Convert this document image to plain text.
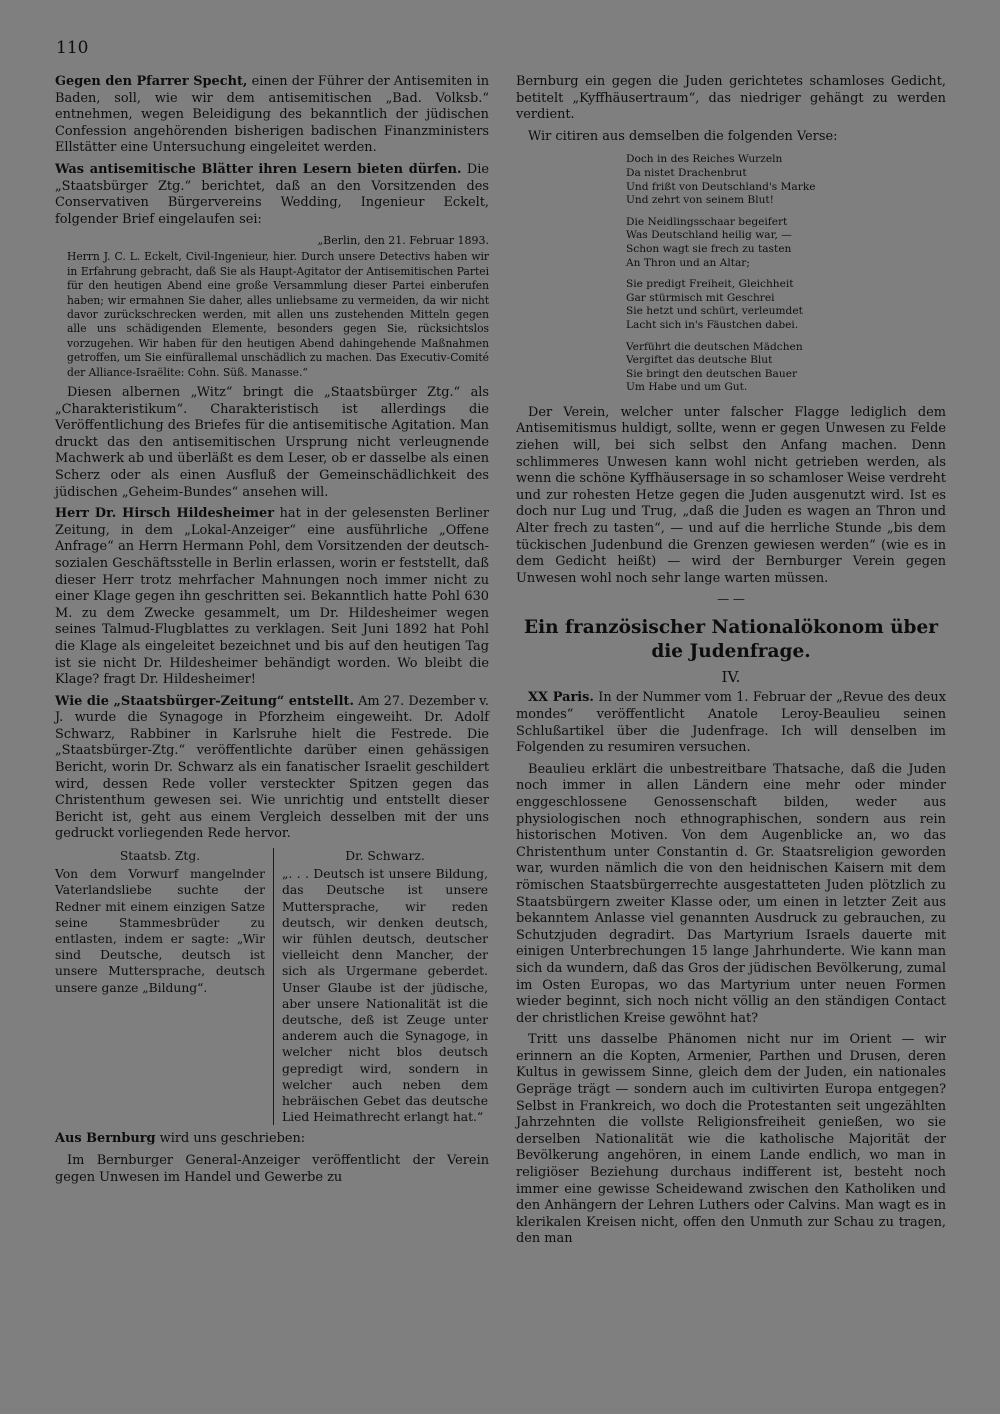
110

Gegen den Pfarrer Specht, einen der Führer der Antisemiten in Baden, soll, wie wir dem antisemitischen „Bad. Volksb.“ entnehmen, wegen Beleidigung des bekanntlich der jüdischen Confession angehörenden bisherigen badischen Finanzministers Ellstätter eine Untersuchung eingeleitet werden.

Was antisemitische Blätter ihren Lesern bieten dürfen. Die „Staatsbürger Ztg.“ berichtet, daß an den Vorsitzenden des Conservativen Bürgervereins Wedding, Ingenieur Eckelt, folgender Brief eingelaufen sei:

„Berlin, den 21. Februar 1893.

Herrn J. C. L. Eckelt, Civil-Ingenieur, hier. Durch unsere Detectivs haben wir in Erfahrung gebracht, daß Sie als Haupt-Agitator der Antisemitischen Partei für den heutigen Abend eine große Versammlung dieser Partei einberufen haben; wir ermahnen Sie daher, alles unliebsame zu vermeiden, da wir nicht davor zurückschrecken werden, mit allen uns zustehenden Mitteln gegen alle uns schädigenden Elemente, besonders gegen Sie, rücksichtslos vorzugehen. Wir haben für den heutigen Abend dahingehende Maßnahmen getroffen, um Sie einfürallemal unschädlich zu machen. Das Executiv-Comité der Alliance-Israëlite: Cohn. Süß. Manasse.“

Diesen albernen „Witz“ bringt die „Staatsbürger Ztg.“ als „Charakteristikum“. Charakteristisch ist allerdings die Veröffentlichung des Briefes für die antisemitische Agitation. Man druckt das den antisemitischen Ursprung nicht verleugnende Machwerk ab und überläßt es dem Leser, ob er dasselbe als einen Scherz oder als einen Ausfluß der Gemeinschädlichkeit des jüdischen „Geheim-Bundes“ ansehen will.

Herr Dr. Hirsch Hildesheimer hat in der gelesensten Berliner Zeitung, in dem „Lokal-Anzeiger“ eine ausführliche „Offene Anfrage“ an Herrn Hermann Pohl, dem Vorsitzenden der deutsch-sozialen Geschäftsstelle in Berlin erlassen, worin er feststellt, daß dieser Herr trotz mehrfacher Mahnungen noch immer nicht zu einer Klage gegen ihn geschritten sei. Bekanntlich hatte Pohl 630 M. zu dem Zwecke gesammelt, um Dr. Hildesheimer wegen seines Talmud-Flugblattes zu verklagen. Seit Juni 1892 hat Pohl die Klage als eingeleitet bezeichnet und bis auf den heutigen Tag ist sie nicht Dr. Hildesheimer behändigt worden. Wo bleibt die Klage? fragt Dr. Hildesheimer!

Wie die „Staatsbürger-Zeitung“ entstellt. Am 27. Dezember v. J. wurde die Synagoge in Pforzheim eingeweiht. Dr. Adolf Schwarz, Rabbiner in Karlsruhe hielt die Festrede. Die „Staatsbürger-Ztg.“ veröffentlichte darüber einen gehässigen Bericht, worin Dr. Schwarz als ein fanatischer Israelit geschildert wird, dessen Rede voller versteckter Spitzen gegen das Christenthum gewesen sei. Wie unrichtig und entstellt dieser Bericht ist, geht aus einem Vergleich desselben mit der uns gedruckt vorliegenden Rede hervor.

Staatsb. Ztg.
Von dem Vorwurf mangelnder Vaterlandsliebe suchte der Redner mit einem einzigen Satze seine Stammesbrüder zu entlasten, indem er sagte: „Wir sind Deutsche, deutsch ist unsere Muttersprache, deutsch unsere ganze „Bildung“.
Dr. Schwarz.
„. . . Deutsch ist unsere Bildung, das Deutsche ist unsere Muttersprache, wir reden deutsch, wir denken deutsch, wir fühlen deutsch, deutscher vielleicht denn Mancher, der sich als Urgermane geberdet. Unser Glaube ist der jüdische, aber unsere Nationalität ist die deutsche, deß ist Zeuge unter anderem auch die Synagoge, in welcher nicht blos deutsch gepredigt wird, sondern in welcher auch neben dem hebräischen Gebet das deutsche Lied Heimathrecht erlangt hat.“

Aus Bernburg wird uns geschrieben:

Im Bernburger General-Anzeiger veröffentlicht der Verein gegen Unwesen im Handel und Gewerbe zu

Bernburg ein gegen die Juden gerichtetes schamloses Gedicht, betitelt „Kyffhäusertraum“, das niedriger gehängt zu werden verdient.

Wir citiren aus demselben die folgenden Verse:

Doch in des Reiches Wurzeln
Da nistet Drachenbrut
Und frißt von Deutschland's Marke
Und zehrt von seinem Blut!
Die Neidlingsschaar begeifert
Was Deutschland heilig war, —
Schon wagt sie frech zu tasten
An Thron und an Altar;
Sie predigt Freiheit, Gleichheit
Gar stürmisch mit Geschrei
Sie hetzt und schürt, verleumdet
Lacht sich in's Fäustchen dabei.
Verführt die deutschen Mädchen
Vergiftet das deutsche Blut
Sie bringt den deutschen Bauer
Um Habe und um Gut.

Der Verein, welcher unter falscher Flagge lediglich dem Antisemitismus huldigt, sollte, wenn er gegen Unwesen zu Felde ziehen will, bei sich selbst den Anfang machen. Denn schlimmeres Unwesen kann wohl nicht getrieben werden, als wenn die schöne Kyffhäusersage in so schamloser Weise verdreht und zur rohesten Hetze gegen die Juden ausgenutzt wird. Ist es doch nur Lug und Trug, „daß die Juden es wagen an Thron und Alter frech zu tasten“, — und auf die herrliche Stunde „bis dem tückischen Judenbund die Grenzen gewiesen werden“ (wie es in dem Gedicht heißt) — wird der Bernburger Verein gegen Unwesen wohl noch sehr lange warten müssen.

— —
Ein französischer Nationalökonom über die Judenfrage.
IV.

XX Paris. In der Nummer vom 1. Februar der „Revue des deux mondes“ veröffentlicht Anatole Leroy-Beaulieu seinen Schlußartikel über die Judenfrage. Ich will denselben im Folgenden zu resumiren versuchen.

Beaulieu erklärt die unbestreitbare Thatsache, daß die Juden noch immer in allen Ländern eine mehr oder minder enggeschlossene Genossenschaft bilden, weder aus physiologischen noch ethnographischen, sondern aus rein historischen Motiven. Von dem Augenblicke an, wo das Christenthum unter Constantin d. Gr. Staatsreligion geworden war, wurden nämlich die von den heidnischen Kaisern mit dem römischen Staatsbürgerrechte ausgestatteten Juden plötzlich zu Staatsbürgern zweiter Klasse oder, um einen in letzter Zeit aus bekanntem Anlasse viel genannten Ausdruck zu gebrauchen, zu Schutzjuden degradirt. Das Martyrium Israels dauerte mit einigen Unterbrechungen 15 lange Jahrhunderte. Wie kann man sich da wundern, daß das Gros der jüdischen Bevölkerung, zumal im Osten Europas, wo das Martyrium unter neuen Formen wieder beginnt, sich noch nicht völlig an den ständigen Contact der christlichen Kreise gewöhnt hat?

Tritt uns dasselbe Phänomen nicht nur im Orient — wir erinnern an die Kopten, Armenier, Parthen und Drusen, deren Kultus in gewissem Sinne, gleich dem der Juden, ein nationales Gepräge trägt — sondern auch im cultivirten Europa entgegen? Selbst in Frankreich, wo doch die Protestanten seit ungezählten Jahrzehnten die vollste Religionsfreiheit genießen, wo sie derselben Nationalität wie die katholische Majorität der Bevölkerung angehören, in einem Lande endlich, wo man in religiöser Beziehung durchaus indifferent ist, besteht noch immer eine gewisse Scheidewand zwischen den Katholiken und den Anhängern der Lehren Luthers oder Calvins. Man wagt es in klerikalen Kreisen nicht, offen den Unmuth zur Schau zu tragen, den man
